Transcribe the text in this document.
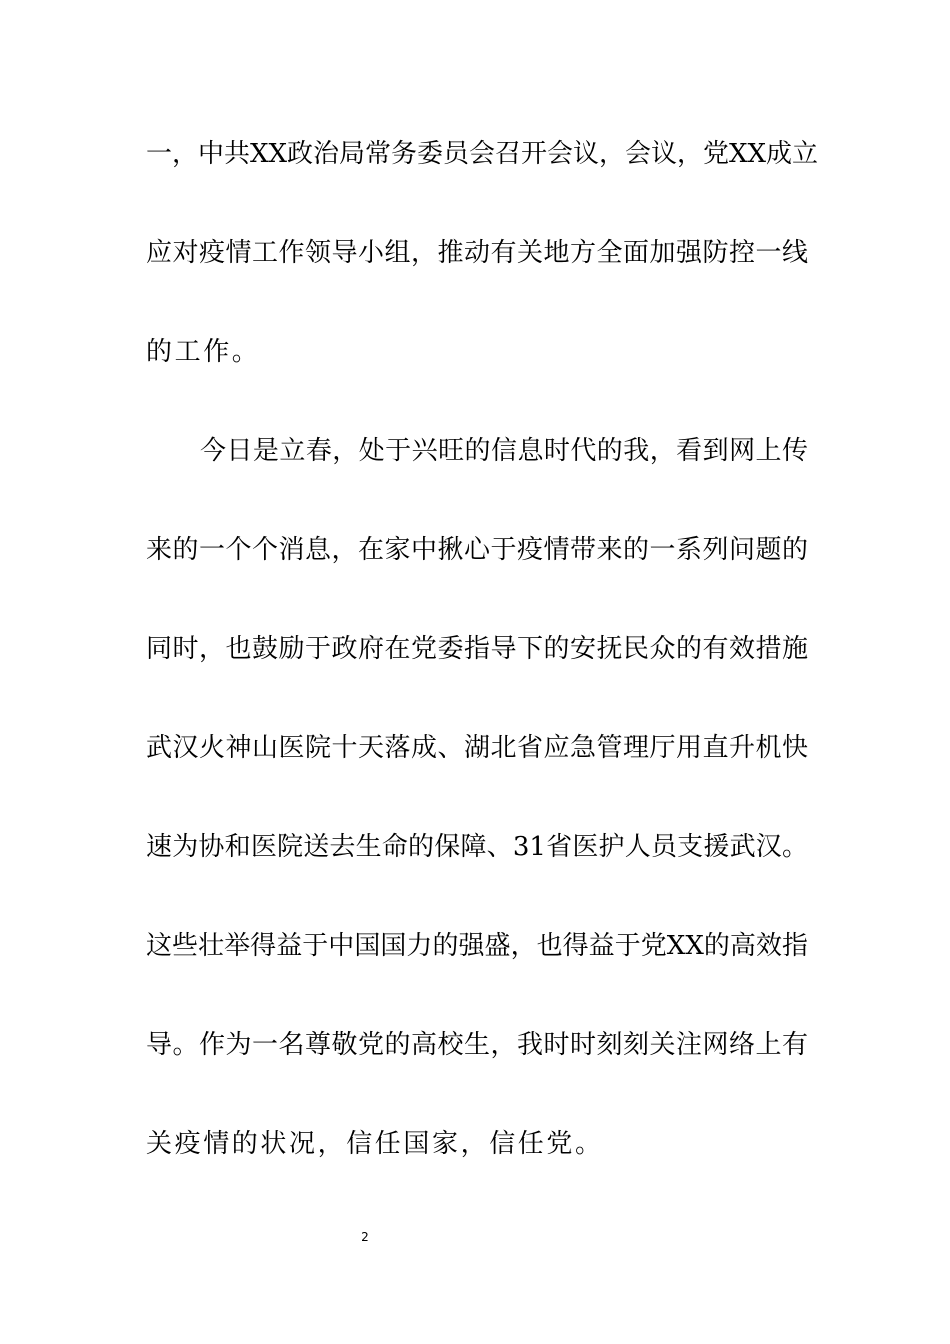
一，中共XX政治局常务委员会召开会议，会议，党XX成立
应对疫情工作领导小组，推动有关地方全面加强防控一线
的工作。
今日是立春，处于兴旺的信息时代的我，看到网上传
来的一个个消息，在家中揪心于疫情带来的一系列问题的
同时，也鼓励于政府在党委指导下的安抚民众的有效措施
武汉火神山医院十天落成、湖北省应急管理厅用直升机快
速为协和医院送去生命的保障、31省医护人员支援武汉。
这些壮举得益于中国国力的强盛，也得益于党XX的高效指
导。作为一名尊敬党的高校生，我时时刻刻关注网络上有
关疫情的状况，信任国家，信任党。
2
